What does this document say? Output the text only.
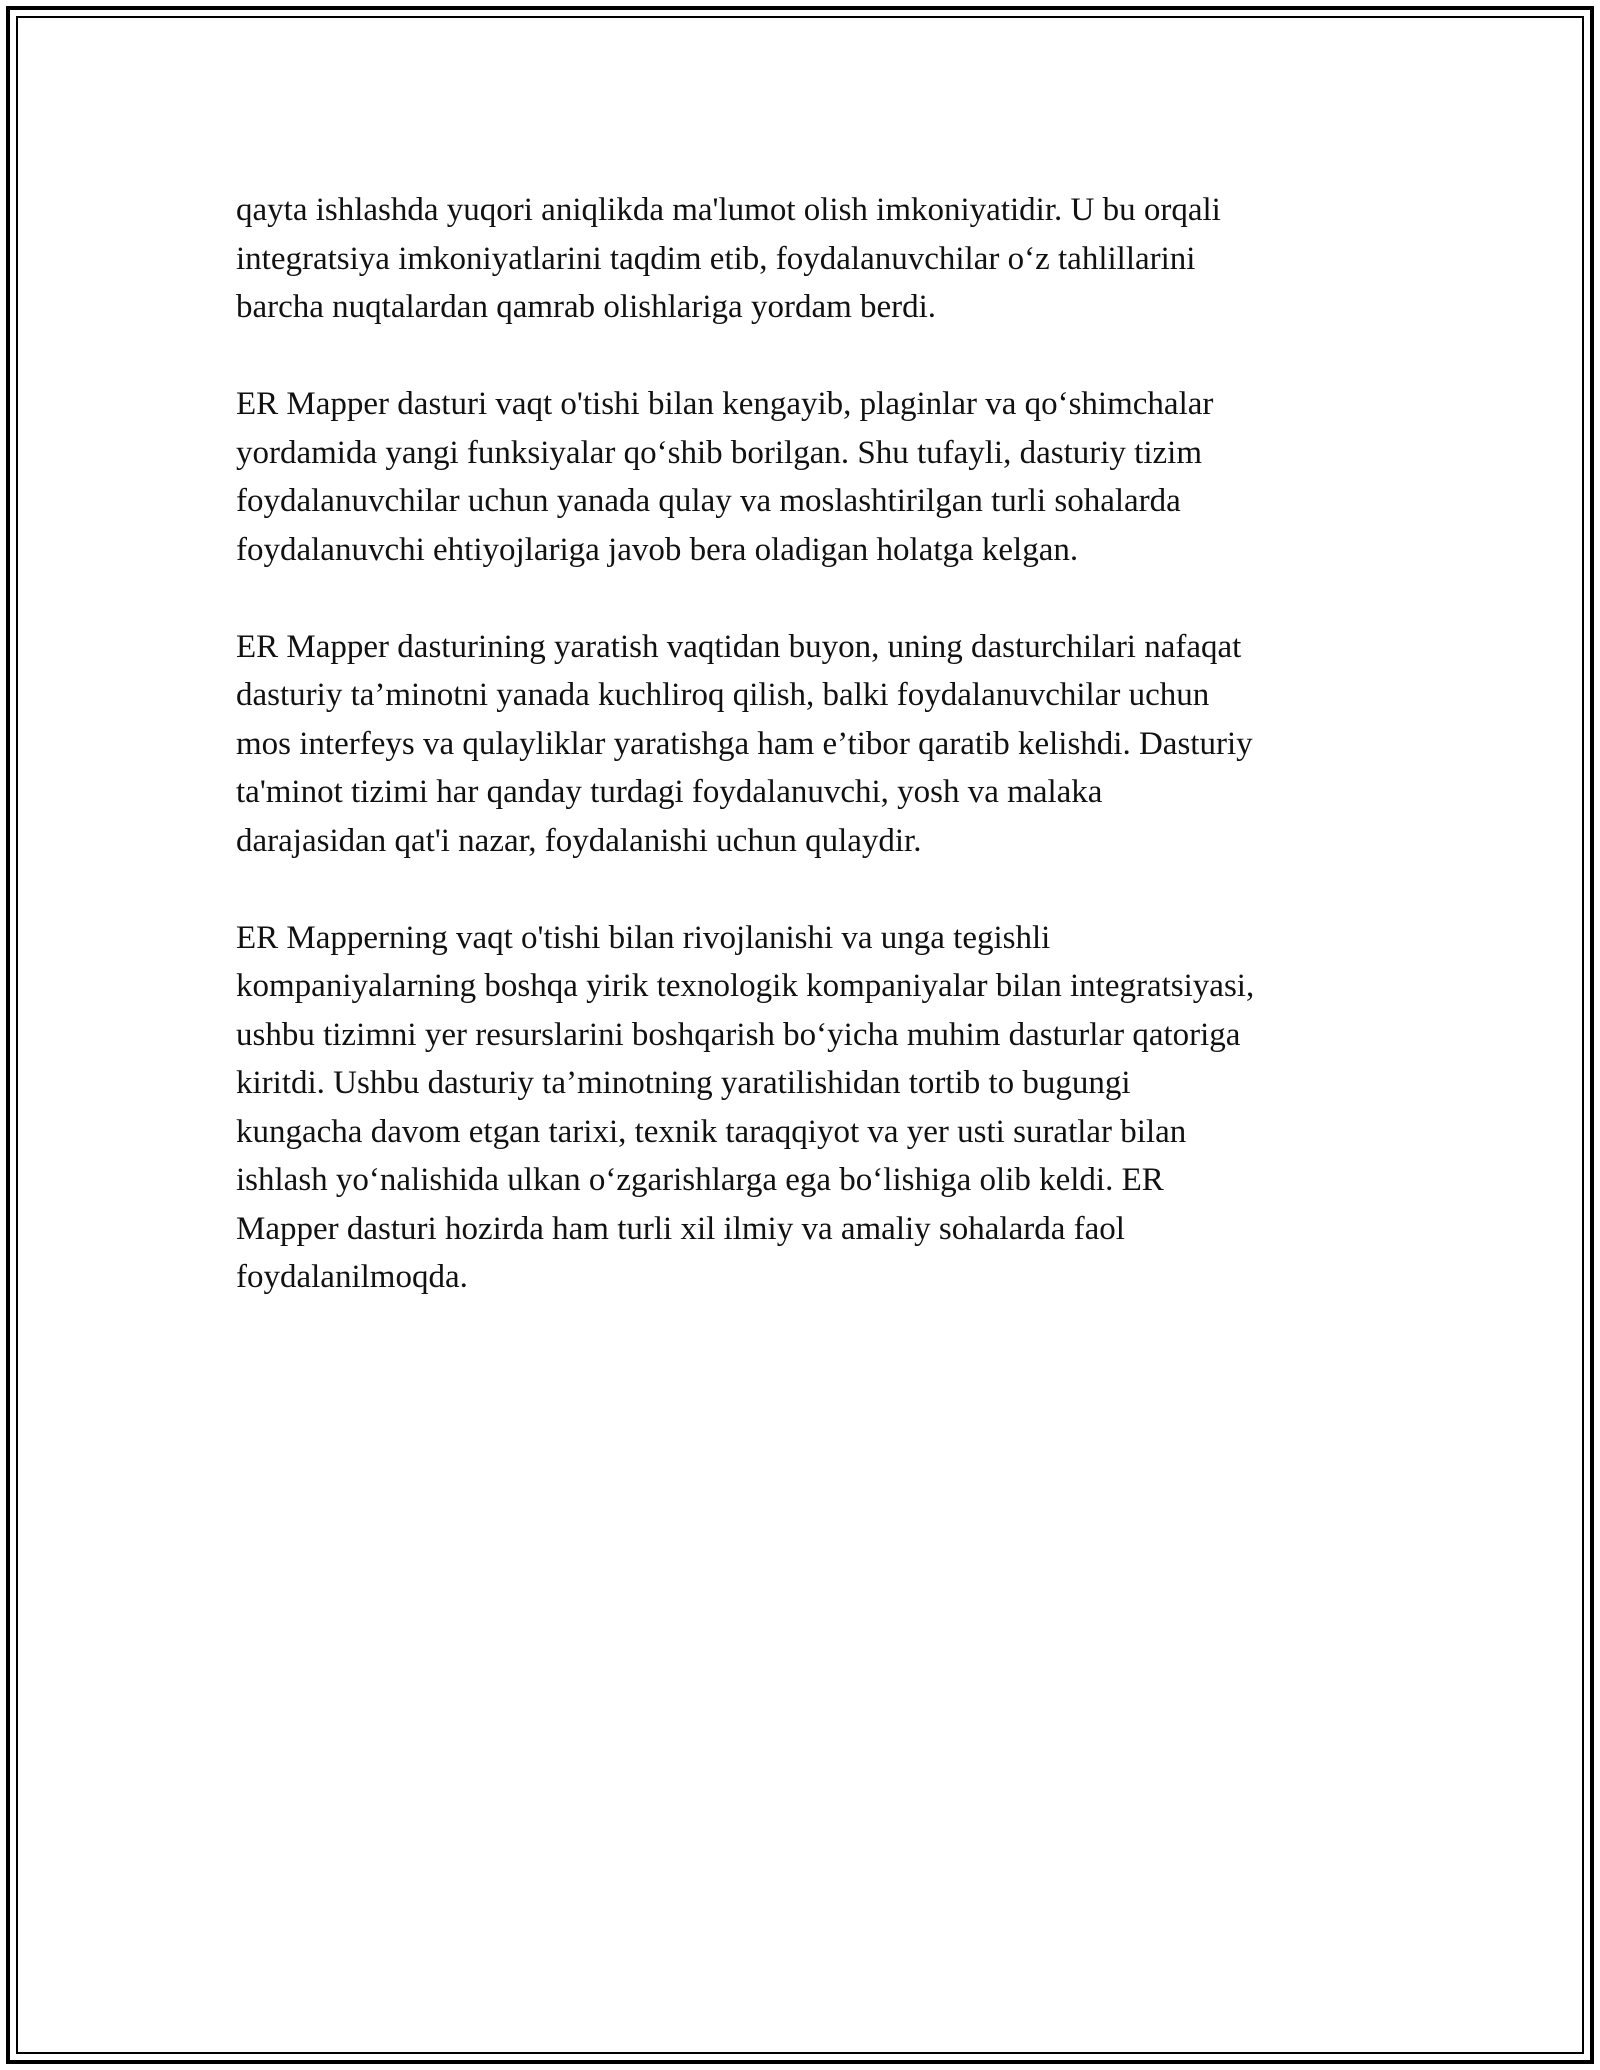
qayta ishlashda yuqori aniqlikda ma'lumot olish imkoniyatidir. U bu orqali
integratsiya imkoniyatlarini taqdim etib, foydalanuvchilar o‘z tahlillarini
barcha nuqtalardan qamrab olishlariga yordam berdi.

ER Mapper dasturi vaqt o'tishi bilan kengayib, plaginlar va qo‘shimchalar
yordamida yangi funksiyalar qo‘shib borilgan. Shu tufayli, dasturiy tizim
foydalanuvchilar uchun yanada qulay va moslashtirilgan turli sohalarda
foydalanuvchi ehtiyojlariga javob bera oladigan holatga kelgan.

ER Mapper dasturining yaratish vaqtidan buyon, uning dasturchilari nafaqat
dasturiy ta’minotni yanada kuchliroq qilish, balki foydalanuvchilar uchun
mos interfeys va qulayliklar yaratishga ham e’tibor qaratib kelishdi. Dasturiy
ta'minot tizimi har qanday turdagi foydalanuvchi, yosh va malaka
darajasidan qat'i nazar, foydalanishi uchun qulaydir.

ER Mapperning vaqt o'tishi bilan rivojlanishi va unga tegishli
kompaniyalarning boshqa yirik texnologik kompaniyalar bilan integratsiyasi,
ushbu tizimni yer resurslarini boshqarish bo‘yicha muhim dasturlar qatoriga
kiritdi. Ushbu dasturiy ta’minotning yaratilishidan tortib to bugungi
kungacha davom etgan tarixi, texnik taraqqiyot va yer usti suratlar bilan
ishlash yo‘nalishida ulkan o‘zgarishlarga ega bo‘lishiga olib keldi. ER
Mapper dasturi hozirda ham turli xil ilmiy va amaliy sohalarda faol
foydalanilmoqda.
